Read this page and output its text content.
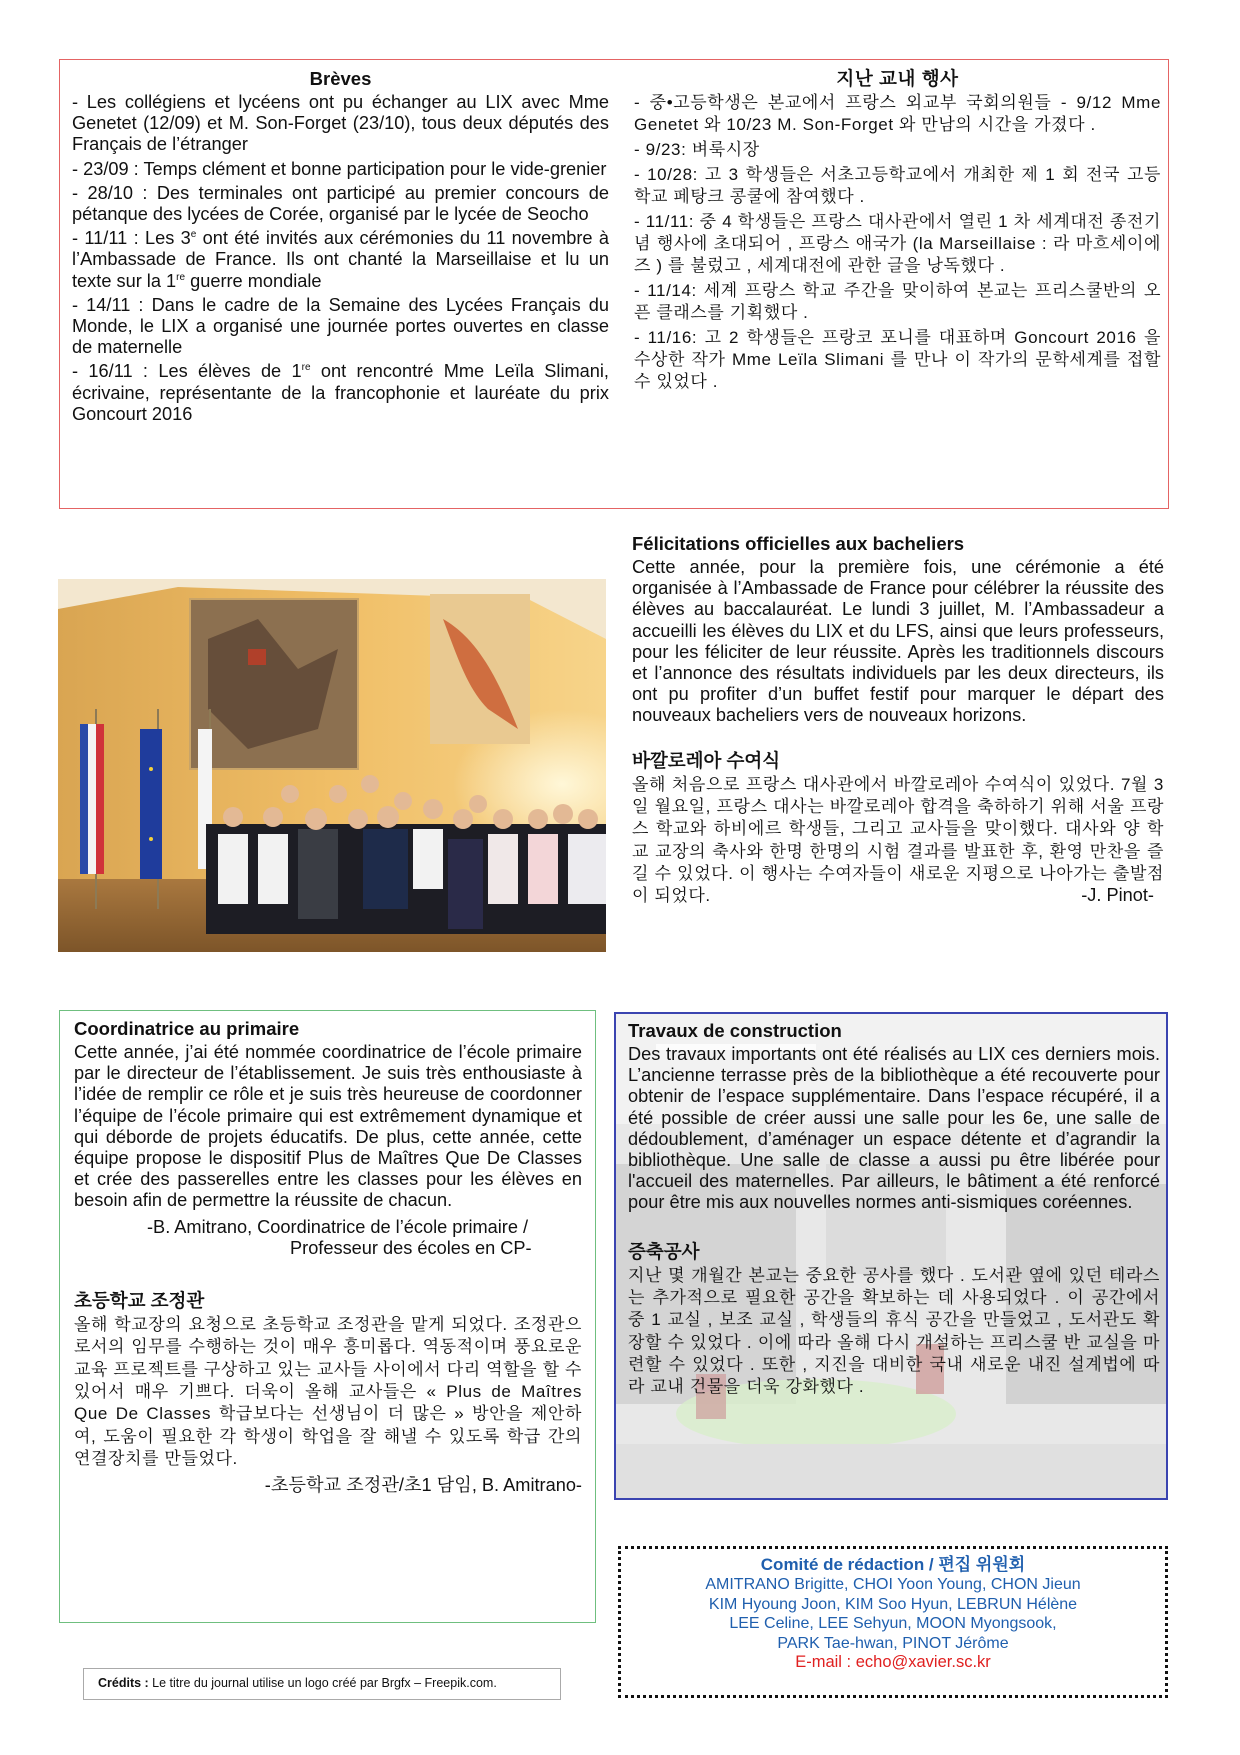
Brèves

- Les collégiens et lycéens ont pu échanger au LIX avec Mme Genetet (12/09) et M. Son-Forget (23/10), tous deux députés des Français de l’étranger

- 23/09 : Temps clément et bonne participation pour le vide-grenier

- 28/10 : Des terminales ont participé au premier concours de pétanque des lycées de Corée, organisé par le lycée de Seocho

- 11/11 : Les 3e ont été invités aux cérémonies du 11 novembre à l’Ambassade de France. Ils ont chanté la Marseillaise et lu un texte sur la 1re guerre mondiale

- 14/11 : Dans le cadre de la Semaine des Lycées Français du Monde, le LIX a organisé une journée portes ouvertes en classe de maternelle

- 16/11 : Les élèves de 1re ont rencontré Mme Leïla Slimani, écrivaine, représentante de la francophonie et lauréate du prix Goncourt 2016

지난 교내 행사

- 중•고등학생은 본교에서 프랑스 외교부 국회의원들 - 9/12 Mme Genetet 와 10/23 M. Son-Forget 와 만남의 시간을 가졌다 .

- 9/23: 벼룩시장

- 10/28: 고 3 학생들은 서초고등학교에서 개최한 제 1 회 전국 고등학교 페탕크 콩쿨에 참여했다 .

- 11/11: 중 4 학생들은 프랑스 대사관에서 열린 1 차 세계대전 종전기념 행사에 초대되어 , 프랑스 애국가 (la Marseillaise : 라 마흐세이에즈 ) 를 불렀고 , 세계대전에 관한 글을 낭독했다 .

- 11/14: 세계 프랑스 학교 주간을 맞이하여 본교는 프리스쿨반의 오픈 클래스를 기획했다 .

- 11/16: 고 2 학생들은 프랑코 포니를 대표하며 Goncourt 2016 을 수상한 작가 Mme Leïla Slimani 를 만나 이 작가의 문학세계를 접할 수 있었다 .

Félicitations officielles aux bacheliers

Cette année, pour la première fois, une cérémonie a été organisée à l’Ambassade de France pour célébrer la réussite des élèves au baccalauréat. Le lundi 3 juillet, M. l’Ambassadeur a accueilli les élèves du LIX et du LFS, ainsi que leurs professeurs, pour les féliciter de leur réussite. Après les traditionnels discours et l’annonce des résultats individuels par les deux directeurs, ils ont pu profiter d’un buffet festif pour marquer le départ des nouveaux bacheliers vers de nouveaux horizons.

바깔로레아 수여식

올해 처음으로 프랑스 대사관에서 바깔로레아 수여식이 있었다. 7월 3일 월요일, 프랑스 대사는 바깔로레아 합격을 축하하기 위해 서울 프랑스 학교와 하비에르 학생들, 그리고 교사들을 맞이했다. 대사와 양 학교 교장의 축사와 한명 한명의 시험 결과를 발표한 후, 환영 만찬을 즐길 수 있었다. 이 행사는 수여자들이 새로운 지평으로 나아가는 출발점이 되었다.	-J. Pinot-

Coordinatrice au primaire

Cette année, j’ai été nommée coordinatrice de l’école primaire par le directeur de l’établissement. Je suis très enthousiaste à l’idée de remplir ce rôle et je suis très heureuse de coordonner l’équipe de l’école primaire qui est extrêmement dynamique et qui déborde de projets éducatifs. De plus, cette année, cette équipe propose le dispositif Plus de Maîtres Que De Classes et crée des passerelles entre les classes pour les élèves en besoin afin de permettre la réussite de chacun.

-B. Amitrano, Coordinatrice de l’école primaire /
Professeur des écoles en CP-

초등학교 조정관

올해 학교장의 요청으로 초등학교 조정관을 맡게 되었다. 조정관으로서의 임무를 수행하는 것이 매우 흥미롭다. 역동적이며 풍요로운 교육 프로젝트를 구상하고 있는 교사들 사이에서 다리 역할을 할 수 있어서 매우 기쁘다. 더욱이 올해 교사들은 « Plus de Maîtres Que De Classes 학급보다는 선생님이 더 많은 » 방안을 제안하여, 도움이 필요한 각 학생이 학업을 잘 해낼 수 있도록 학급 간의 연결장치를 만들었다.

-초등학교 조정관/초1 담임, B. Amitrano-

Travaux de construction

Des travaux importants ont été réalisés au LIX ces derniers mois. L’ancienne terrasse près de la bibliothèque a été recouverte pour obtenir de l’espace supplémentaire. Dans l’espace récupéré, il a été possible de créer aussi une salle pour les 6e, une salle de dédoublement, d’aménager un espace détente et d’agrandir la bibliothèque. Une salle de classe a aussi pu être libérée pour l'accueil des maternelles. Par ailleurs, le bâtiment a été renforcé pour être mis aux nouvelles normes anti-sismiques coréennes.

증축공사

지난 몇 개월간 본교는 중요한 공사를 했다 . 도서관 옆에 있던 테라스는 추가적으로 필요한 공간을 확보하는 데 사용되었다 . 이 공간에서 중 1 교실 , 보조 교실 , 학생들의 휴식 공간을 만들었고 , 도서관도 확장할 수 있었다 . 이에 따라 올해 다시 개설하는 프리스쿨 반 교실을 마련할 수 있었다 . 또한 , 지진을 대비한 국내 새로운 내진 설계법에 따라 교내 건물을 더욱 강화했다 .

Comité de rédaction / 편집 위원회
AMITRANO Brigitte, CHOI Yoon Young, CHON Jieun
KIM Hyoung Joon, KIM Soo Hyun, LEBRUN Hélène
LEE Celine, LEE Sehyun, MOON Myongsook,
PARK Tae-hwan, PINOT Jérôme
E-mail : echo@xavier.sc.kr
Crédits : Le titre du journal utilise un logo créé par Brgfx – Freepik.com.
